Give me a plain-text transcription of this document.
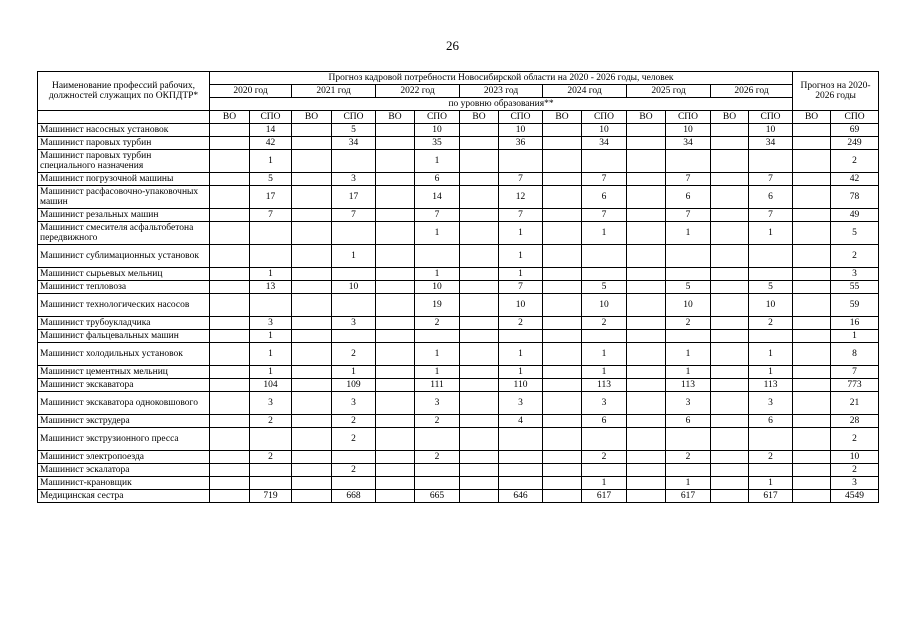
26
Наименование профессий рабочих, должностей служащих по ОКПДТР*	Прогноз кадровой потребности Новосибирской области на 2020 - 2026 годы, человек														Прогноз на 2020-2026 годы	
	2020 год		2021 год		2022 год		2023 год		2024 год		2025 год		2026 год			
	по уровню образования**															
	ВО	СПО	ВО	СПО	ВО	СПО	ВО	СПО	ВО	СПО	ВО	СПО	ВО	СПО	ВО	СПО
Машинист насосных установок		14		5		10		10		10		10		10		69
Машинист паровых турбин		42		34		35		36		34		34		34		249
Машинист паровых турбин специального назначения		1				1										2
Машинист погрузочной машины		5		3		6		7		7		7		7		42
Машинист расфасовочно-упаковочных машин		17		17		14		12		6		6		6		78
Машинист резальных машин		7		7		7		7		7		7		7		49
Машинист смесителя асфальтобетона передвижного						1		1		1		1		1		5
Машинист сублимационных установок				1				1								2
Машинист сырьевых мельниц		1				1		1								3
Машинист тепловоза		13		10		10		7		5		5		5		55
Машинист технологических насосов						19		10		10		10		10		59
Машинист трубоукладчика		3		3		2		2		2		2		2		16
Машинист фальцевальных машин		1														1
Машинист холодильных установок		1		2		1		1		1		1		1		8
Машинист цементных мельниц		1		1		1		1		1		1		1		7
Машинист экскаватора		104		109		111		110		113		113		113		773
Машинист экскаватора одноковшового		3		3		3		3		3		3		3		21
Машинист экструдера		2		2		2		4		6		6		6		28
Машинист экструзионного пресса				2												2
Машинист электропоезда		2				2				2		2		2		10
Машинист эскалатора				2												2
Машинист-крановщик										1		1		1		3
Медицинская сестра		719		668		665		646		617		617		617		4549
